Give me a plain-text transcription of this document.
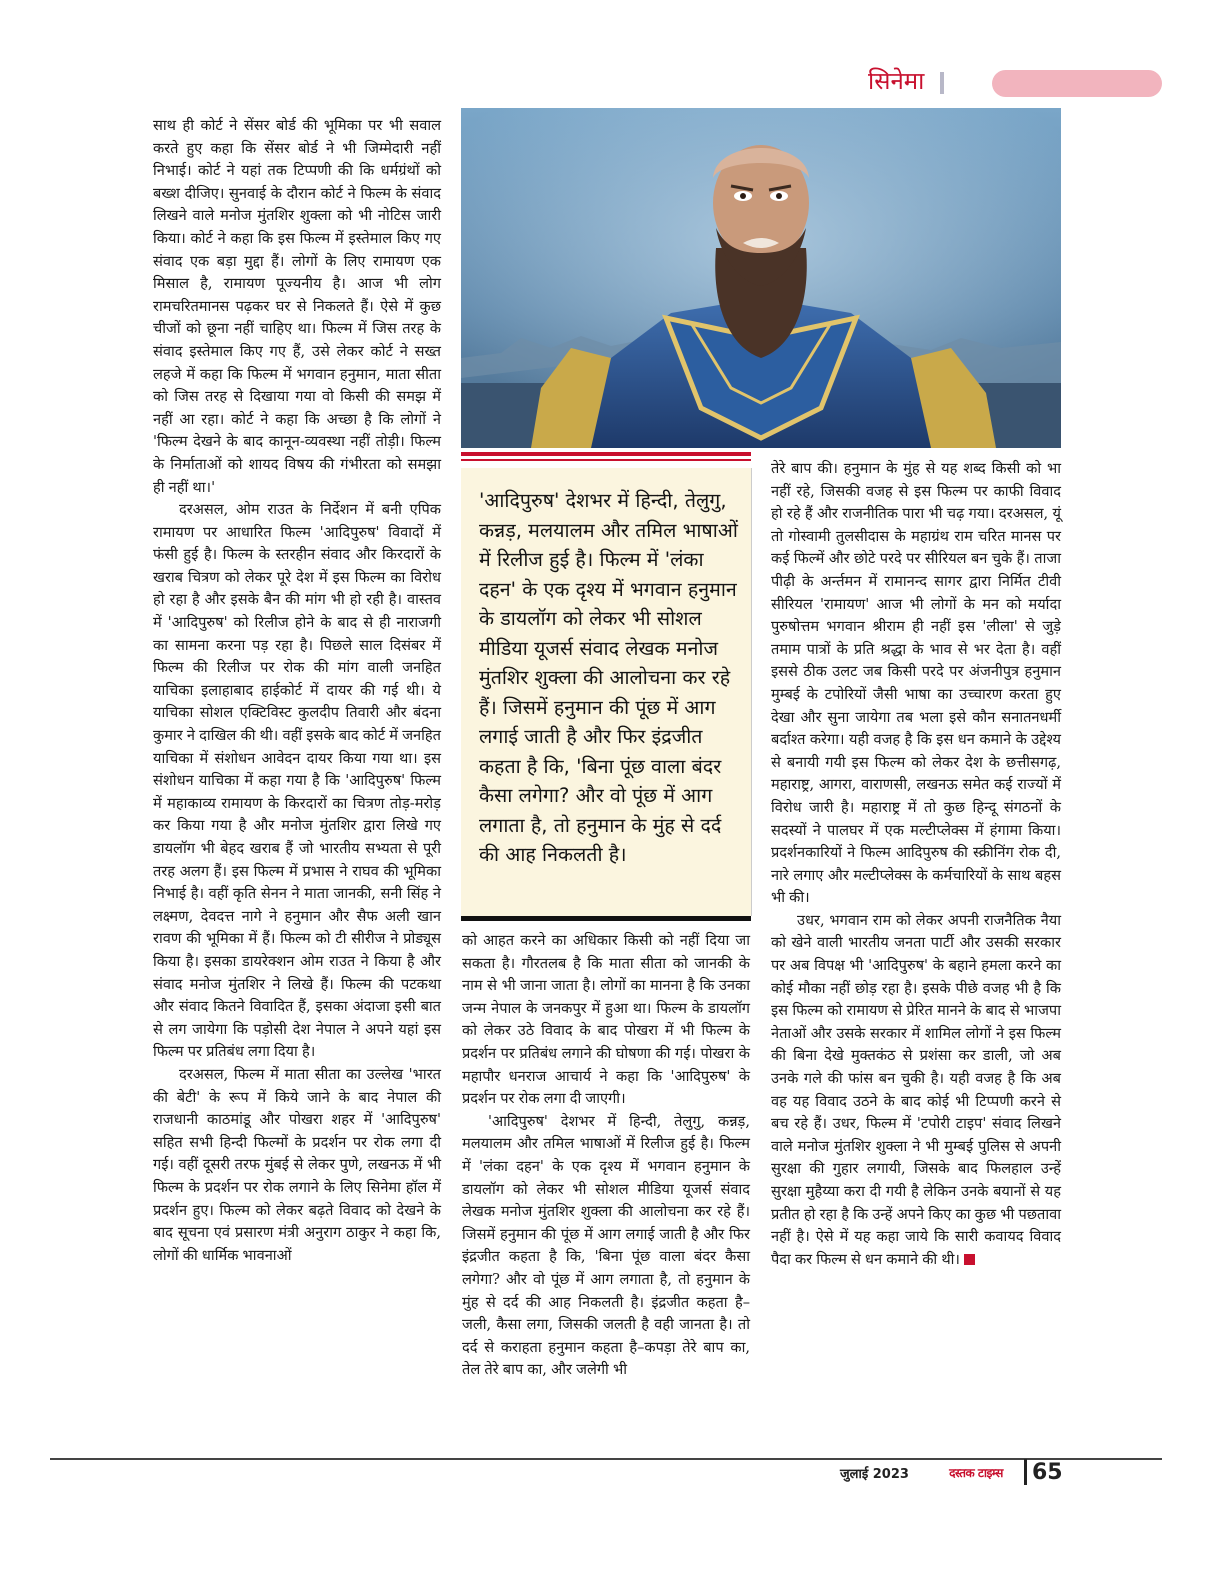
सिनेमा

साथ ही कोर्ट ने सेंसर बोर्ड की भूमिका पर भी सवाल करते हुए कहा कि सेंसर बोर्ड ने भी जिम्मेदारी नहीं निभाई। कोर्ट ने यहां तक टिप्पणी की कि धर्मग्रंथों को बख्श दीजिए। सुनवाई के दौरान कोर्ट ने फिल्म के संवाद लिखने वाले मनोज मुंतशिर शुक्ला को भी नोटिस जारी किया। कोर्ट ने कहा कि इस फिल्म में इस्तेमाल किए गए संवाद एक बड़ा मुद्दा हैं। लोगों के लिए रामायण एक मिसाल है, रामायण पूज्यनीय है। आज भी लोग रामचरितमानस पढ़कर घर से निकलते हैं। ऐसे में कुछ चीजों को छूना नहीं चाहिए था। फिल्म में जिस तरह के संवाद इस्तेमाल किए गए हैं, उसे लेकर कोर्ट ने सख्त लहजे में कहा कि फिल्म में भगवान हनुमान, माता सीता को जिस तरह से दिखाया गया वो किसी की समझ में नहीं आ रहा। कोर्ट ने कहा कि अच्छा है कि लोगों ने 'फिल्म देखने के बाद कानून-व्यवस्था नहीं तोड़ी। फिल्म के निर्माताओं को शायद विषय की गंभीरता को समझा ही नहीं था।'

दरअसल, ओम राउत के निर्देशन में बनी एपिक रामायण पर आधारित फिल्म 'आदिपुरुष' विवादों में फंसी हुई है। फिल्म के स्तरहीन संवाद और किरदारों के खराब चित्रण को लेकर पूरे देश में इस फिल्म का विरोध हो रहा है और इसके बैन की मांग भी हो रही है। वास्तव में 'आदिपुरुष' को रिलीज होने के बाद से ही नाराजगी का सामना करना पड़ रहा है। पिछले साल दिसंबर में फिल्म की रिलीज पर रोक की मांग वाली जनहित याचिका इलाहाबाद हाईकोर्ट में दायर की गई थी। ये याचिका सोशल एक्टिविस्ट कुलदीप तिवारी और बंदना कुमार ने दाखिल की थी। वहीं इसके बाद कोर्ट में जनहित याचिका में संशोधन आवेदन दायर किया गया था। इस संशोधन याचिका में कहा गया है कि 'आदिपुरुष' फिल्म में महाकाव्य रामायण के किरदारों का चित्रण तोड़-मरोड़ कर किया गया है और मनोज मुंतशिर द्वारा लिखे गए डायलॉग भी बेहद खराब हैं जो भारतीय सभ्यता से पूरी तरह अलग हैं। इस फिल्म में प्रभास ने राघव की भूमिका निभाई है। वहीं कृति सेनन ने माता जानकी, सनी सिंह ने लक्ष्मण, देवदत्त नागे ने हनुमान और सैफ अली खान रावण की भूमिका में हैं। फिल्म को टी सीरीज ने प्रोड्यूस किया है। इसका डायरेक्शन ओम राउत ने किया है और संवाद मनोज मुंतशिर ने लिखे हैं। फिल्म की पटकथा और संवाद कितने विवादित हैं, इसका अंदाजा इसी बात से लग जायेगा कि पड़ोसी देश नेपाल ने अपने यहां इस फिल्म पर प्रतिबंध लगा दिया है।

दरअसल, फिल्म में माता सीता का उल्लेख 'भारत की बेटी' के रूप में किये जाने के बाद नेपाल की राजधानी काठमांडू और पोखरा शहर में 'आदिपुरुष' सहित सभी हिन्दी फिल्मों के प्रदर्शन पर रोक लगा दी गई। वहीं दूसरी तरफ मुंबई से लेकर पुणे, लखनऊ में भी फिल्म के प्रदर्शन पर रोक लगाने के लिए सिनेमा हॉल में प्रदर्शन हुए। फिल्म को लेकर बढ़ते विवाद को देखने के बाद सूचना एवं प्रसारण मंत्री अनुराग ठाकुर ने कहा कि, लोगों की धार्मिक भावनाओं

'आदिपुरुष' देशभर में हिन्दी, तेलुगु, कन्नड़, मलयालम और तमिल भाषाओं में रिलीज हुई है। फिल्म में 'लंका दहन' के एक दृश्य में भगवान हनुमान के डायलॉग को लेकर भी सोशल मीडिया यूजर्स संवाद लेखक मनोज मुंतशिर शुक्ला की आलोचना कर रहे हैं। जिसमें हनुमान की पूंछ में आग लगाई जाती है और फिर इंद्रजीत कहता है कि, 'बिना पूंछ वाला बंदर कैसा लगेगा? और वो पूंछ में आग लगाता है, तो हनुमान के मुंह से दर्द की आह निकलती है।

को आहत करने का अधिकार किसी को नहीं दिया जा सकता है। गौरतलब है कि माता सीता को जानकी के नाम से भी जाना जाता है। लोगों का मानना है कि उनका जन्म नेपाल के जनकपुर में हुआ था। फिल्म के डायलॉग को लेकर उठे विवाद के बाद पोखरा में भी फिल्म के प्रदर्शन पर प्रतिबंध लगाने की घोषणा की गई। पोखरा के महापौर धनराज आचार्य ने कहा कि 'आदिपुरुष' के प्रदर्शन पर रोक लगा दी जाएगी।

'आदिपुरुष' देशभर में हिन्दी, तेलुगु, कन्नड़, मलयालम और तमिल भाषाओं में रिलीज हुई है। फिल्म में 'लंका दहन' के एक दृश्य में भगवान हनुमान के डायलॉग को लेकर भी सोशल मीडिया यूजर्स संवाद लेखक मनोज मुंतशिर शुक्ला की आलोचना कर रहे हैं। जिसमें हनुमान की पूंछ में आग लगाई जाती है और फिर इंद्रजीत कहता है कि, 'बिना पूंछ वाला बंदर कैसा लगेगा? और वो पूंछ में आग लगाता है, तो हनुमान के मुंह से दर्द की आह निकलती है। इंद्रजीत कहता है–जली, कैसा लगा, जिसकी जलती है वही जानता है। तो दर्द से कराहता हनुमान कहता है–कपड़ा तेरे बाप का, तेल तेरे बाप का, और जलेगी भी

तेरे बाप की। हनुमान के मुंह से यह शब्द किसी को भा नहीं रहे, जिसकी वजह से इस फिल्म पर काफी विवाद हो रहे हैं और राजनीतिक पारा भी चढ़ गया। दरअसल, यूं तो गोस्वामी तुलसीदास के महाग्रंथ राम चरित मानस पर कई फिल्में और छोटे परदे पर सीरियल बन चुके हैं। ताजा पीढ़ी के अर्न्तमन में रामानन्द सागर द्वारा निर्मित टीवी सीरियल 'रामायण' आज भी लोगों के मन को मर्यादा पुरुषोत्तम भगवान श्रीराम ही नहीं इस 'लीला' से जुड़े तमाम पात्रों के प्रति श्रद्धा के भाव से भर देता है। वहीं इससे ठीक उलट जब किसी परदे पर अंजनीपुत्र हनुमान मुम्बई के टपोरियों जैसी भाषा का उच्चारण करता हुए देखा और सुना जायेगा तब भला इसे कौन सनातनधर्मी बर्दाश्त करेगा। यही वजह है कि इस धन कमाने के उद्देश्य से बनायी गयी इस फिल्म को लेकर देश के छत्तीसगढ़, महाराष्ट्र, आगरा, वाराणसी, लखनऊ समेत कई राज्यों में विरोध जारी है। महाराष्ट्र में तो कुछ हिन्दू संगठनों के सदस्यों ने पालघर में एक मल्टीप्लेक्स में हंगामा किया। प्रदर्शनकारियों ने फिल्म आदिपुरुष की स्क्रीनिंग रोक दी, नारे लगाए और मल्टीप्लेक्स के कर्मचारियों के साथ बहस भी की।

उधर, भगवान राम को लेकर अपनी राजनैतिक नैया को खेने वाली भारतीय जनता पार्टी और उसकी सरकार पर अब विपक्ष भी 'आदिपुरुष' के बहाने हमला करने का कोई मौका नहीं छोड़ रहा है। इसके पीछे वजह भी है कि इस फिल्म को रामायण से प्रेरित मानने के बाद से भाजपा नेताओं और उसके सरकार में शामिल लोगों ने इस फिल्म की बिना देखे मुक्तकंठ से प्रशंसा कर डाली, जो अब उनके गले की फांस बन चुकी है। यही वजह है कि अब वह यह विवाद उठने के बाद कोई भी टिप्पणी करने से बच रहे हैं। उधर, फिल्म में 'टपोरी टाइप' संवाद लिखने वाले मनोज मुंतशिर शुक्ला ने भी मुम्बई पुलिस से अपनी सुरक्षा की गुहार लगायी, जिसके बाद फिलहाल उन्हें सुरक्षा मुहैय्या करा दी गयी है लेकिन उनके बयानों से यह प्रतीत हो रहा है कि उन्हें अपने किए का कुछ भी पछतावा नहीं है। ऐसे में यह कहा जाये कि सारी कवायद विवाद पैदा कर फिल्म से धन कमाने की थी।

जुलाई 2023	दस्तक टाइम्स	65
